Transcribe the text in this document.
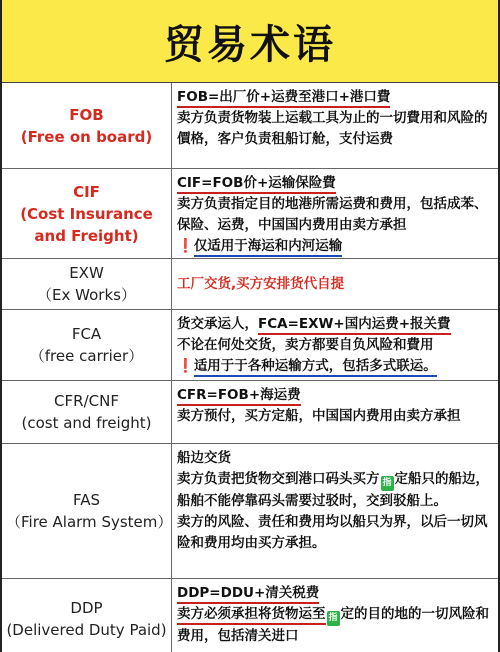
贸易术语
FOB
(Free on board)

FOB=出厂价+运费至港口+港口費

卖方负责货物装上运载工具为止的一切費用和风险的價格，客户负责租船订舱，支付运费

CIF
(Cost Insurance and Freight)

CIF=FOB价+运输保险費

卖方负责指定目的地港所需运费和费用，包括成苯、保险、运费，中国国内费用由卖方承担

❗仅适用于海运和内河运输

EXW
（Ex Works）

工厂交货,买方安排货代自提

FCA
（free carrier）

货交承运人，FCA=EXW+国内运费+报关費

不论在何处交货，卖方都要自负风险和費用

❗适用于于各种运输方式，包括多式联运。

CFR/CNF
(cost and freight)

CFR=FOB+海运费

卖方预付，买方定船，中国国内费用由卖方承担

FAS
（Fire Alarm System）

船边交货

卖方负责把货物交到港口码头买方 指 定船只的船边，船舶不能停靠码头需要过驳时，交到驳船上。

卖方的风险、责任和费用均以船只为界，以后一切风险和费用均由买方承担。

DDP
(Delivered Duty Paid)

DDP=DDU+清关税费

卖方必须承担将货物运至 指 定的目的地的一切风险和费用，包括清关进口
